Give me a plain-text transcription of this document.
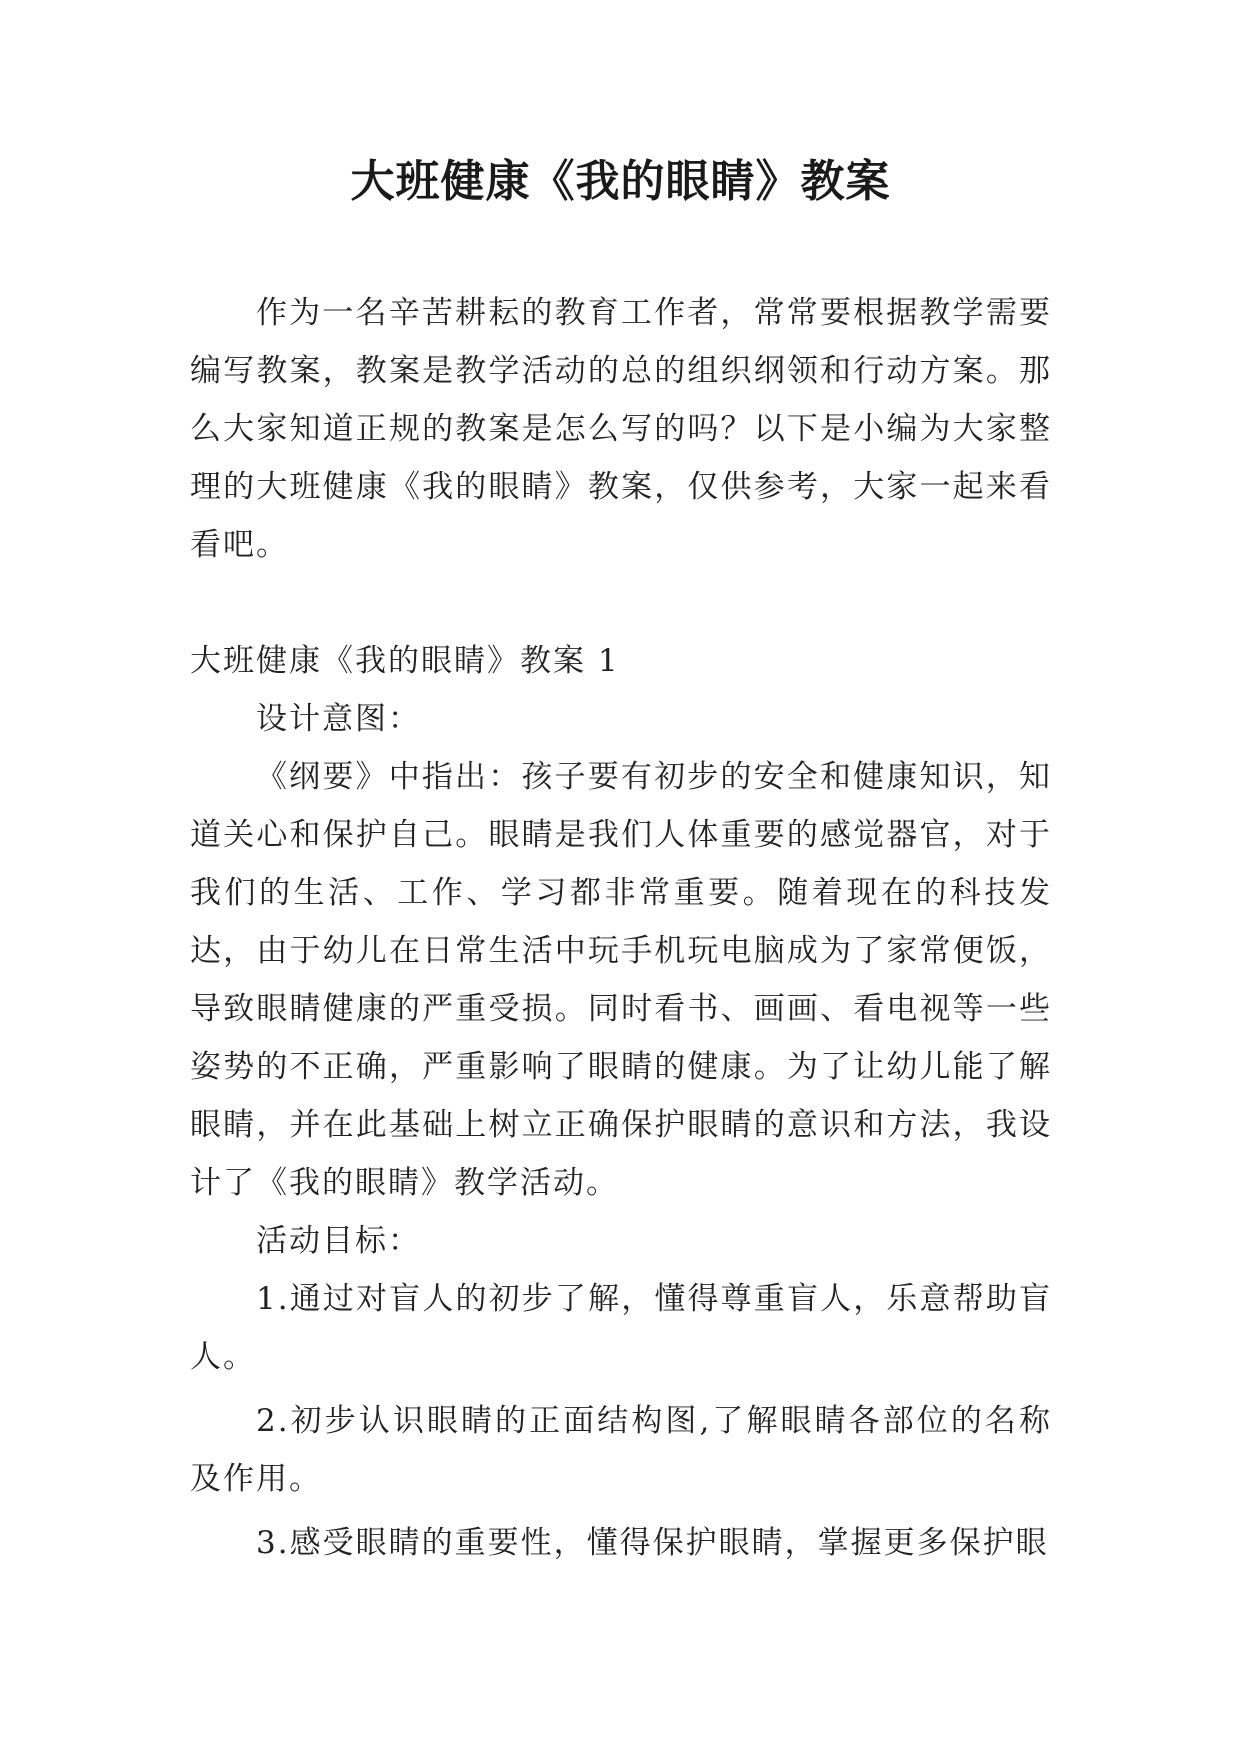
大班健康《我的眼睛》教案

作为一名辛苦耕耘的教育工作者，常常要根据教学需要编写教案，教案是教学活动的总的组织纲领和行动方案。那么大家知道正规的教案是怎么写的吗？以下是小编为大家整理的大班健康《我的眼睛》教案，仅供参考，大家一起来看看吧。

大班健康《我的眼睛》教案 1

设计意图：

《纲要》中指出：孩子要有初步的安全和健康知识，知道关心和保护自己。眼睛是我们人体重要的感觉器官，对于我们的生活、工作、学习都非常重要。随着现在的科技发达，由于幼儿在日常生活中玩手机玩电脑成为了家常便饭，导致眼睛健康的严重受损。同时看书、画画、看电视等一些姿势的不正确，严重影响了眼睛的健康。为了让幼儿能了解眼睛，并在此基础上树立正确保护眼睛的意识和方法，我设计了《我的眼睛》教学活动。

活动目标：

1.通过对盲人的初步了解，懂得尊重盲人，乐意帮助盲人。

2.初步认识眼睛的正面结构图,了解眼睛各部位的名称及作用。

3.感受眼睛的重要性，懂得保护眼睛，掌握更多保护眼
